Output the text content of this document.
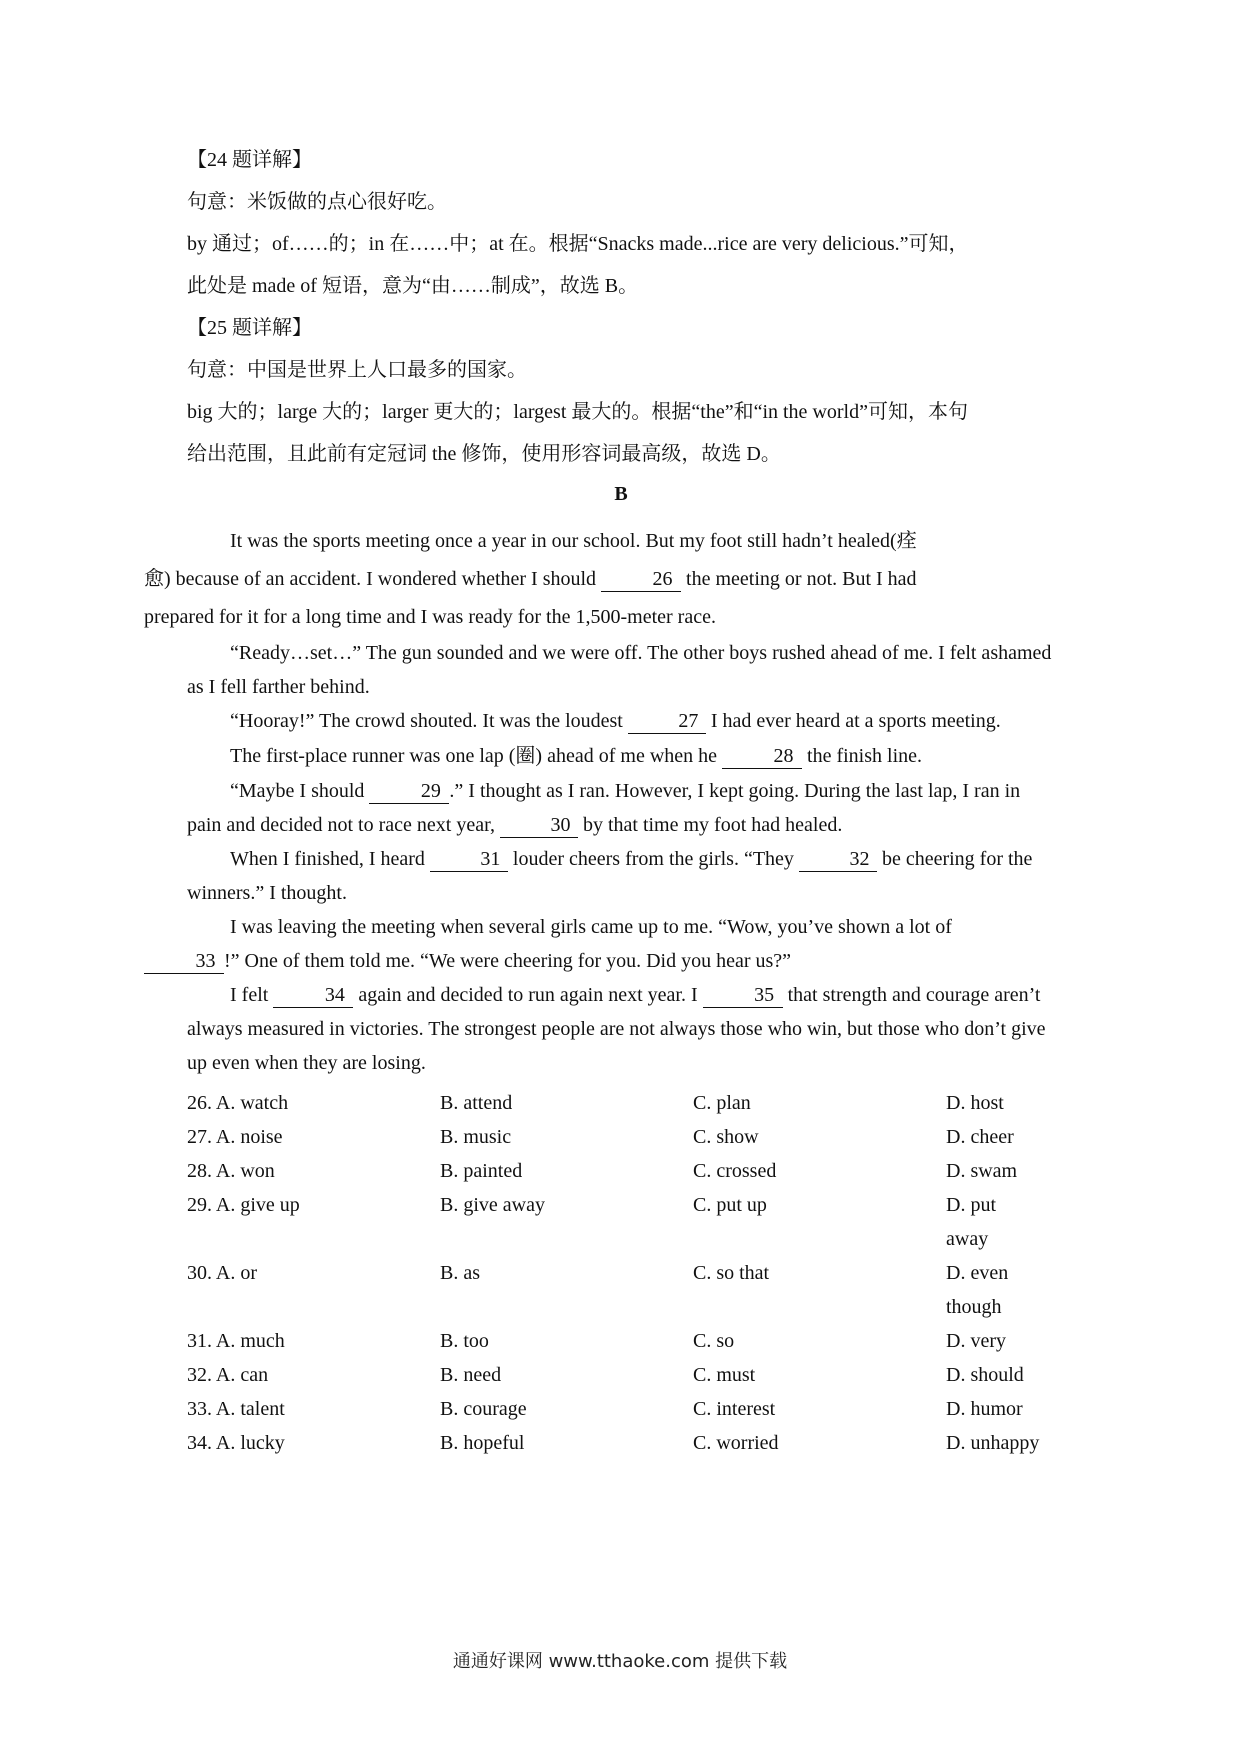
【24 题详解】
句意：米饭做的点心很好吃。
by 通过；of……的；in 在……中；at 在。根据“Snacks made...rice are very delicious.”可知，
此处是 made of 短语，意为“由……制成”，故选 B。
【25 题详解】
句意：中国是世界上人口最多的国家。
big 大的；large 大的；larger 更大的；largest 最大的。根据“the”和“in the world”可知，本句
给出范围，且此前有定冠词 the 修饰，使用形容词最高级，故选 D。
B
It was the sports meeting once a year in our school. But my foot still hadn’t healed(痊
愈) because of an accident. I wondered whether I should	26 the meeting or not. But I had
prepared for it for a long time and I was ready for the 1,500-meter race.
“Ready…set…” The gun sounded and we were off. The other boys rushed ahead of me. I felt ashamed as I fell farther behind.
“Hooray!” The crowd shouted. It was the loudest	27 I had ever heard at a sports meeting.
The first-place runner was one lap (圈) ahead of me when he	28 the finish line.
“Maybe I should	29 .” I thought as I ran. However, I kept going. During the last lap, I ran in pain and decided not to race next year,	30 by that time my foot had healed.
When I finished, I heard	31 louder cheers from the girls. “They	32 be cheering for the winners.” I thought.
I was leaving the meeting when several girls came up to me. “Wow, you’ve shown a lot of
33 !” One of them told me. “We were cheering for you. Did you hear us?”
I felt	34 again and decided to run again next year. I	35 that strength and courage aren’t always measured in victories. The strongest people are not always those who win, but those who don’t give up even when they are losing.
26. A. watch	B. attend	C. plan	D. host
27. A. noise	B. music	C. show	D. cheer
28. A. won	B. painted	C. crossed	D. swam
29. A. give up	B. give away	C. put up	D. put away
30. A. or	B. as	C. so that	D. even though
31. A. much	B. too	C. so	D. very
32. A. can	B. need	C. must	D. should
33. A. talent	B. courage	C. interest	D. humor
34. A. lucky	B. hopeful	C. worried	D. unhappy
通通好课网 www.tthaoke.com 提供下载
